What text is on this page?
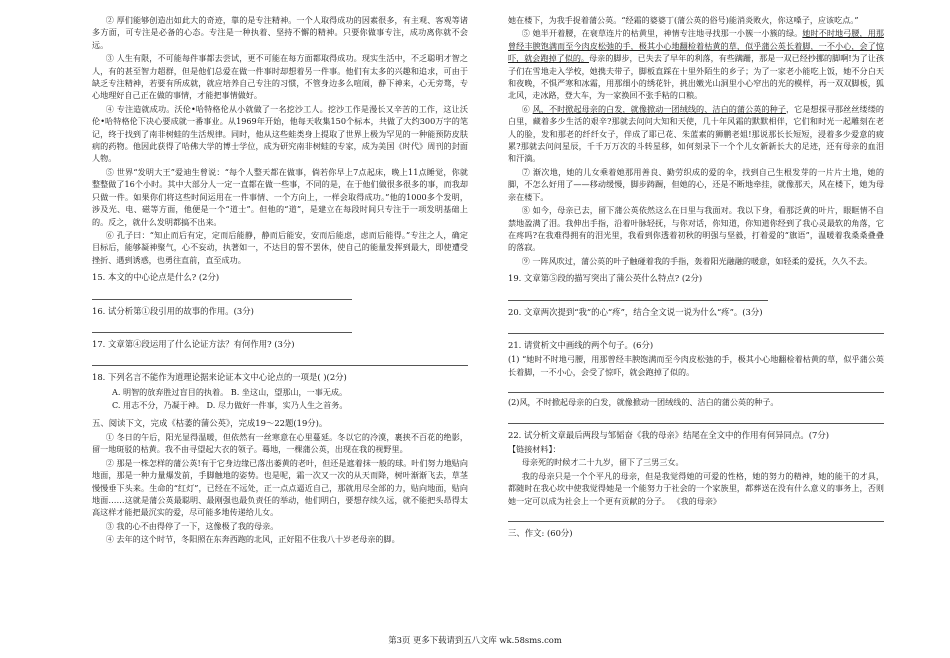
② 厚们能够创造出如此大的奇迹，靠的是专注精神。一个人取得成功的因素很多，有主观、客观等诸多方面，可专注是必备的心态。专注是一种执着、坚持不懈的精神。只要你做事专注，成功离你就不会远。

③ 人生有限，不可能每件事都去尝试，更不可能在每方面都取得成功。现实生活中，不乏聪明才智之人，有的甚至智力超群，但是他们总爱在做一件事时却想着另一件事。他们有太多的兴趣和追求，可由于缺乏专注精神，若要有所成就，就应培养自己专注的习惯，不管身边多么喧闹，静下神来，心无旁骛，专心地理好自己正在做的事情，才能把事情做好。

④ 专注造就成功。沃伦•哈特格伦从小就做了一名挖沙工人。挖沙工作是漫长又辛苦的工作，这让沃伦•哈特格伦下决心要成就一番事业。从1969年开始，他每天收集150个标本，共做了大约300万字的笔记，终于找到了南非树蛙的生活规律。同时，他从这些蛙类身上提取了世界上极为罕见的一种能预防皮肤病的药物。他因此获得了哈佛大学的博士学位，成为研究南非树蛙的专家，成为美国《时代》周刊的封面人物。

⑤ 世界“发明大王”爱迪生曾说：“每个人整天都在做事，倘若你早上7点起床，晚上11点睡觉，你就整整做了16个小时。其中大部分人一定一直都在做一些事，不同的是，在于他们做很多很多的事，而我却只做一件。如果你们将这些时间运用在一件事情、一个方向上，一样会取得成功。”他的1000多个发明，涉及光、电、磁等方面，他便是一个“道士”。但他的“道”，是建立在每段时间只专注于一项发明基础上的。反之，就什么发明都搞不出来。

⑥ 孔子曰：“知止而后有定，定而后能静，静而后能安，安而后能虑，虑而后能得。”专注之人，确定目标后，能够凝神聚气，心不妄动，执著如一，不达目的誓不罢休，使自己的能量发挥到最大，即使遭受挫折、遇到诱惑，也勇往直前，直至成功。

15. 本文的中心论点是什么? (2分)
16. 试分析第①段引用的故事的作用。(3分)
17. 文章第④段运用了什么论证方法？有何作用? (3分)
18. 下列名言不能作为道理论据来论证本文中心论点的一项是( )(2分)
A. 明智的放弃胜过盲目的执着。 B. 坐这山，望那山，一事无成。
C. 用志不分，乃凝于神。 D. 尽力做好一件事，实乃人生之首务。
五、阅读下文，完成《枯萎的蒲公英》，完成19～22题(19分)。

① 冬日的午后，阳光显得温暖，但依然有一丝寒意在心里蔓延。冬以它的冷漠，裹挟不百花的绝影，留一地斑驳的枯黄。我不由寻望起大衣的领子。蓦地，一棵蒲公英，出现在我的视野里。

② 那是一株怎样的蒲公英!有于它身边缘已落出萎黄的老叶，但还是遮着抹一般的球。叶们努力地贴向地面，那是一种力量爆发前，手脚触地的姿势。也是呢，霜一次又一次的从天而降，树叶渐渐飞去，草茎慢慢垂下头来。生命的“红灯”，已经在不远处，正一点点逼近自己，那就用尽全部的力，贴向地面，贴向地面……这就是蒲公英最聪明、最刚强也最负责任的举动，他们明白，要想存续久远，就不能把头昂得太高这样才能把最沉实的爱，尽可能多地传递给儿女。

③ 我的心不由得停了一下，这像极了我的母亲。

④ 去年的这个时节，冬阳照在东奔西跑的北风，正好阻不住我八十岁老母亲的脚。

她在楼下，为我手捉着蒲公英。“经霜的婆婆丁(蒲公英的俗号)能消炎败火，你这嗓子，应该吃点。”

⑤ 她半开着腰，在衰草连片的枯黄里，神情专注地寻找那一小簇一小簇的绿。她时不时地弓腰，用那曾经丰腴饱满而至今肉皮松弛的手，极其小心地翻检着枯黄的草，似乎蒲公英长着脚，一不小心，会了惊吓，就会跑掉了似的。母亲的脚步，已失去了早年的利落，有些蹒跚，那是一双已经抄挪的脚啊!为了让孩子们在雪地走入学校，她携夫带子，脚板直踩在十里外陌生的乡子；为了一家老小能吃上饭，她不分白天和夜晚，不惧严寒和冰霜，用那细小的绣花针，挑出嫩光山洞里小心窄出的光的模样，再一双双脚板，狐北风，走冰路，登大车，为一家换回不张手粘的口粮。

⑥ 风，不时掀起母亲的白发，就像掀动一团绒线的、洁白的蒲公英的种子，它是想探寻那丝丝缕缕的白里，藏着多少生活的艰辛?那就去问问大知和天使，几十年风霜的默默相伴，它们和时光一起雕刻在老人的脸，发和那老的纤纤女子，伴成了耶已花、朱蓝素的狮鹏老姐!那说那长长短短，浸着多少爱意的疲累?那就去问问星辰，千千万万次的斗转星移，如何刻录下一个个儿女新新长大的足迹，还有母亲的血泪和汗滴。

⑦ 渐次地，她的儿女乘着她那用善良、勤劳织成的爱的伞，找到自己生根发芽的一片片土地，她的脚，不怎么好用了——移动缓慢，脚步踌蹰，但她的心，还是不断地牵挂，就像那天，风在楼下，她为母亲在楼下。

⑧ 如今，母亲已去，留下蒲公英依然这么在日里与我面对。我以下身，看那泛黄的叶片，眼眶情不自禁地盈满了泪。我伸出手指，沿着叶脉轻抚，与你对话，你知道，你知道你经到了我心灵最软的角落，它在疼吗?在我难得拥有的泪光里，我看到你透着初秋的明强与坚毅，打着爱的“旗语”，温暖着我桑桑叠叠的落寂。

⑨ 一阵风吹过，蒲公英的叶子触碰着我的手指，轰着阳光融融的暖意，如轻柔的爱抚，久久不去。

19. 文章第⑤段的描写突出了蒲公英什么特点? (2分)
20. 文章两次提到“我”的心“疼”，结合全文说一说为什么“疼”。(3分)
21. 请赏析文中画线的两个句子。(6分)
(1) “她时不时地弓腰，用那曾经丰腴饱满而至今肉皮松弛的手，极其小心地翻检着枯黄的草，似乎蒲公英长着脚，一不小心，会受了惊吓，就会跑掉了似的。
(2)风，不时掀起母亲的白发，就像掀动一团绒线的、洁白的蒲公英的种子。
22. 试分析文章最后两段与邹韬奋《我的母亲》结尾在全文中的作用有何异同点。(7分)
【链接材料】：

母亲死的时候才二十九岁，留下了三男三女。

我的母亲只是一个个平凡的母亲，但是我觉得她的可爱的性格，她的努力的精神，她的能干的才具，都随时在我心坎中使我觉得她是一个能努力于社会的一个家族里，都葬送在没有什么意义的事务上，否则她一定可以成为社会上一个更有贡献的分子。 《我的母亲》

三、作文: (60分)
第3页 更多下载请到五八文库 wk.58sms.com
